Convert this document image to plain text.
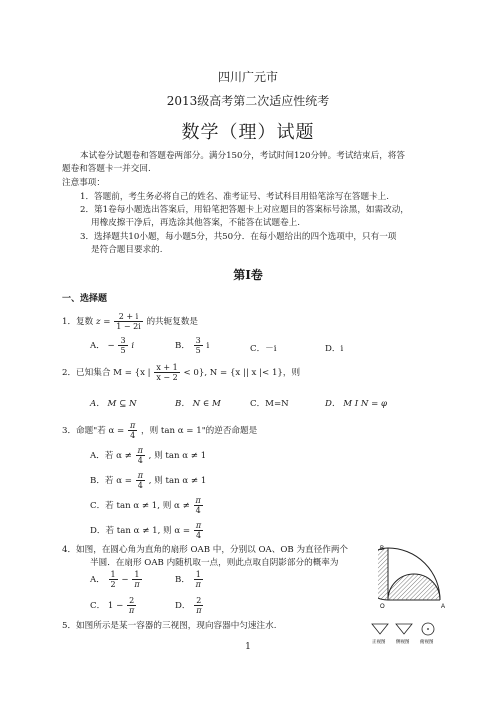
四川广元市
2013级高考第二次适应性统考
数学（理）试题
本试卷分试题卷和答题卷两部分。满分150分，考试时间120分钟。考试结束后，将答
题卷和答题卡一并交回.
注意事项：
1．答题前，考生务必将自己的姓名、准考证号、考试科目用铅笔涂写在答题卡上.
2．第1卷每小题选出答案后，用铅笔把答题卡上对应题目的答案标号涂黑，如需改动，
用橡皮擦干净后，再选涂其他答案，不能答在试题卷上.
3．选择题共10小题，每小题5分，共50分．在每小题给出的四个选项中，只有一项
是符合题目要求的.
第Ⅰ卷
一、选择题
1．复数 $z = \frac{2 + i}{1 - 2i}$ 的共轭复数是
A． − $\frac{3}{5}$ i	B． $\frac{3}{5}$ i	C．－i	D．i
2．已知集合 M = {x | $\frac{x + 1}{x - 2} < 0$}, N = {x || x |< 1}，则
A． M ⊆ N	B． N ∈ M	C．M=N	D． M I N = φ
3．命题"若 $\alpha = \frac{\pi}{4}$ ，则 tan α = 1"的逆否命题是
A．若 $\alpha \ne \frac{\pi}{4}$ , 则 tan α ≠ 1
B．若 $\alpha = \frac{\pi}{4}$ , 则 tan α ≠ 1
C．若 tan α ≠ 1, 则 $\alpha \ne \frac{\pi}{4}$
D．若 tan α ≠ 1, 则 $\alpha = \frac{\pi}{4}$
4．如图，在圆心角为直角的扇形 OAB 中，分别以 OA、OB 为直径作两个
半圆．在扇形 OAB 内随机取一点，则此点取自阴影部分的概率为
A． $\frac{1}{2} - \frac{1}{\pi}$	B． $\frac{1}{\pi}$
C． $1 - \frac{2}{\pi}$	D． $\frac{2}{\pi}$
B
O	A
5．如图所示是某一容器的三视图，现向容器中匀速注水.
正视图 侧视图 俯视图
1
